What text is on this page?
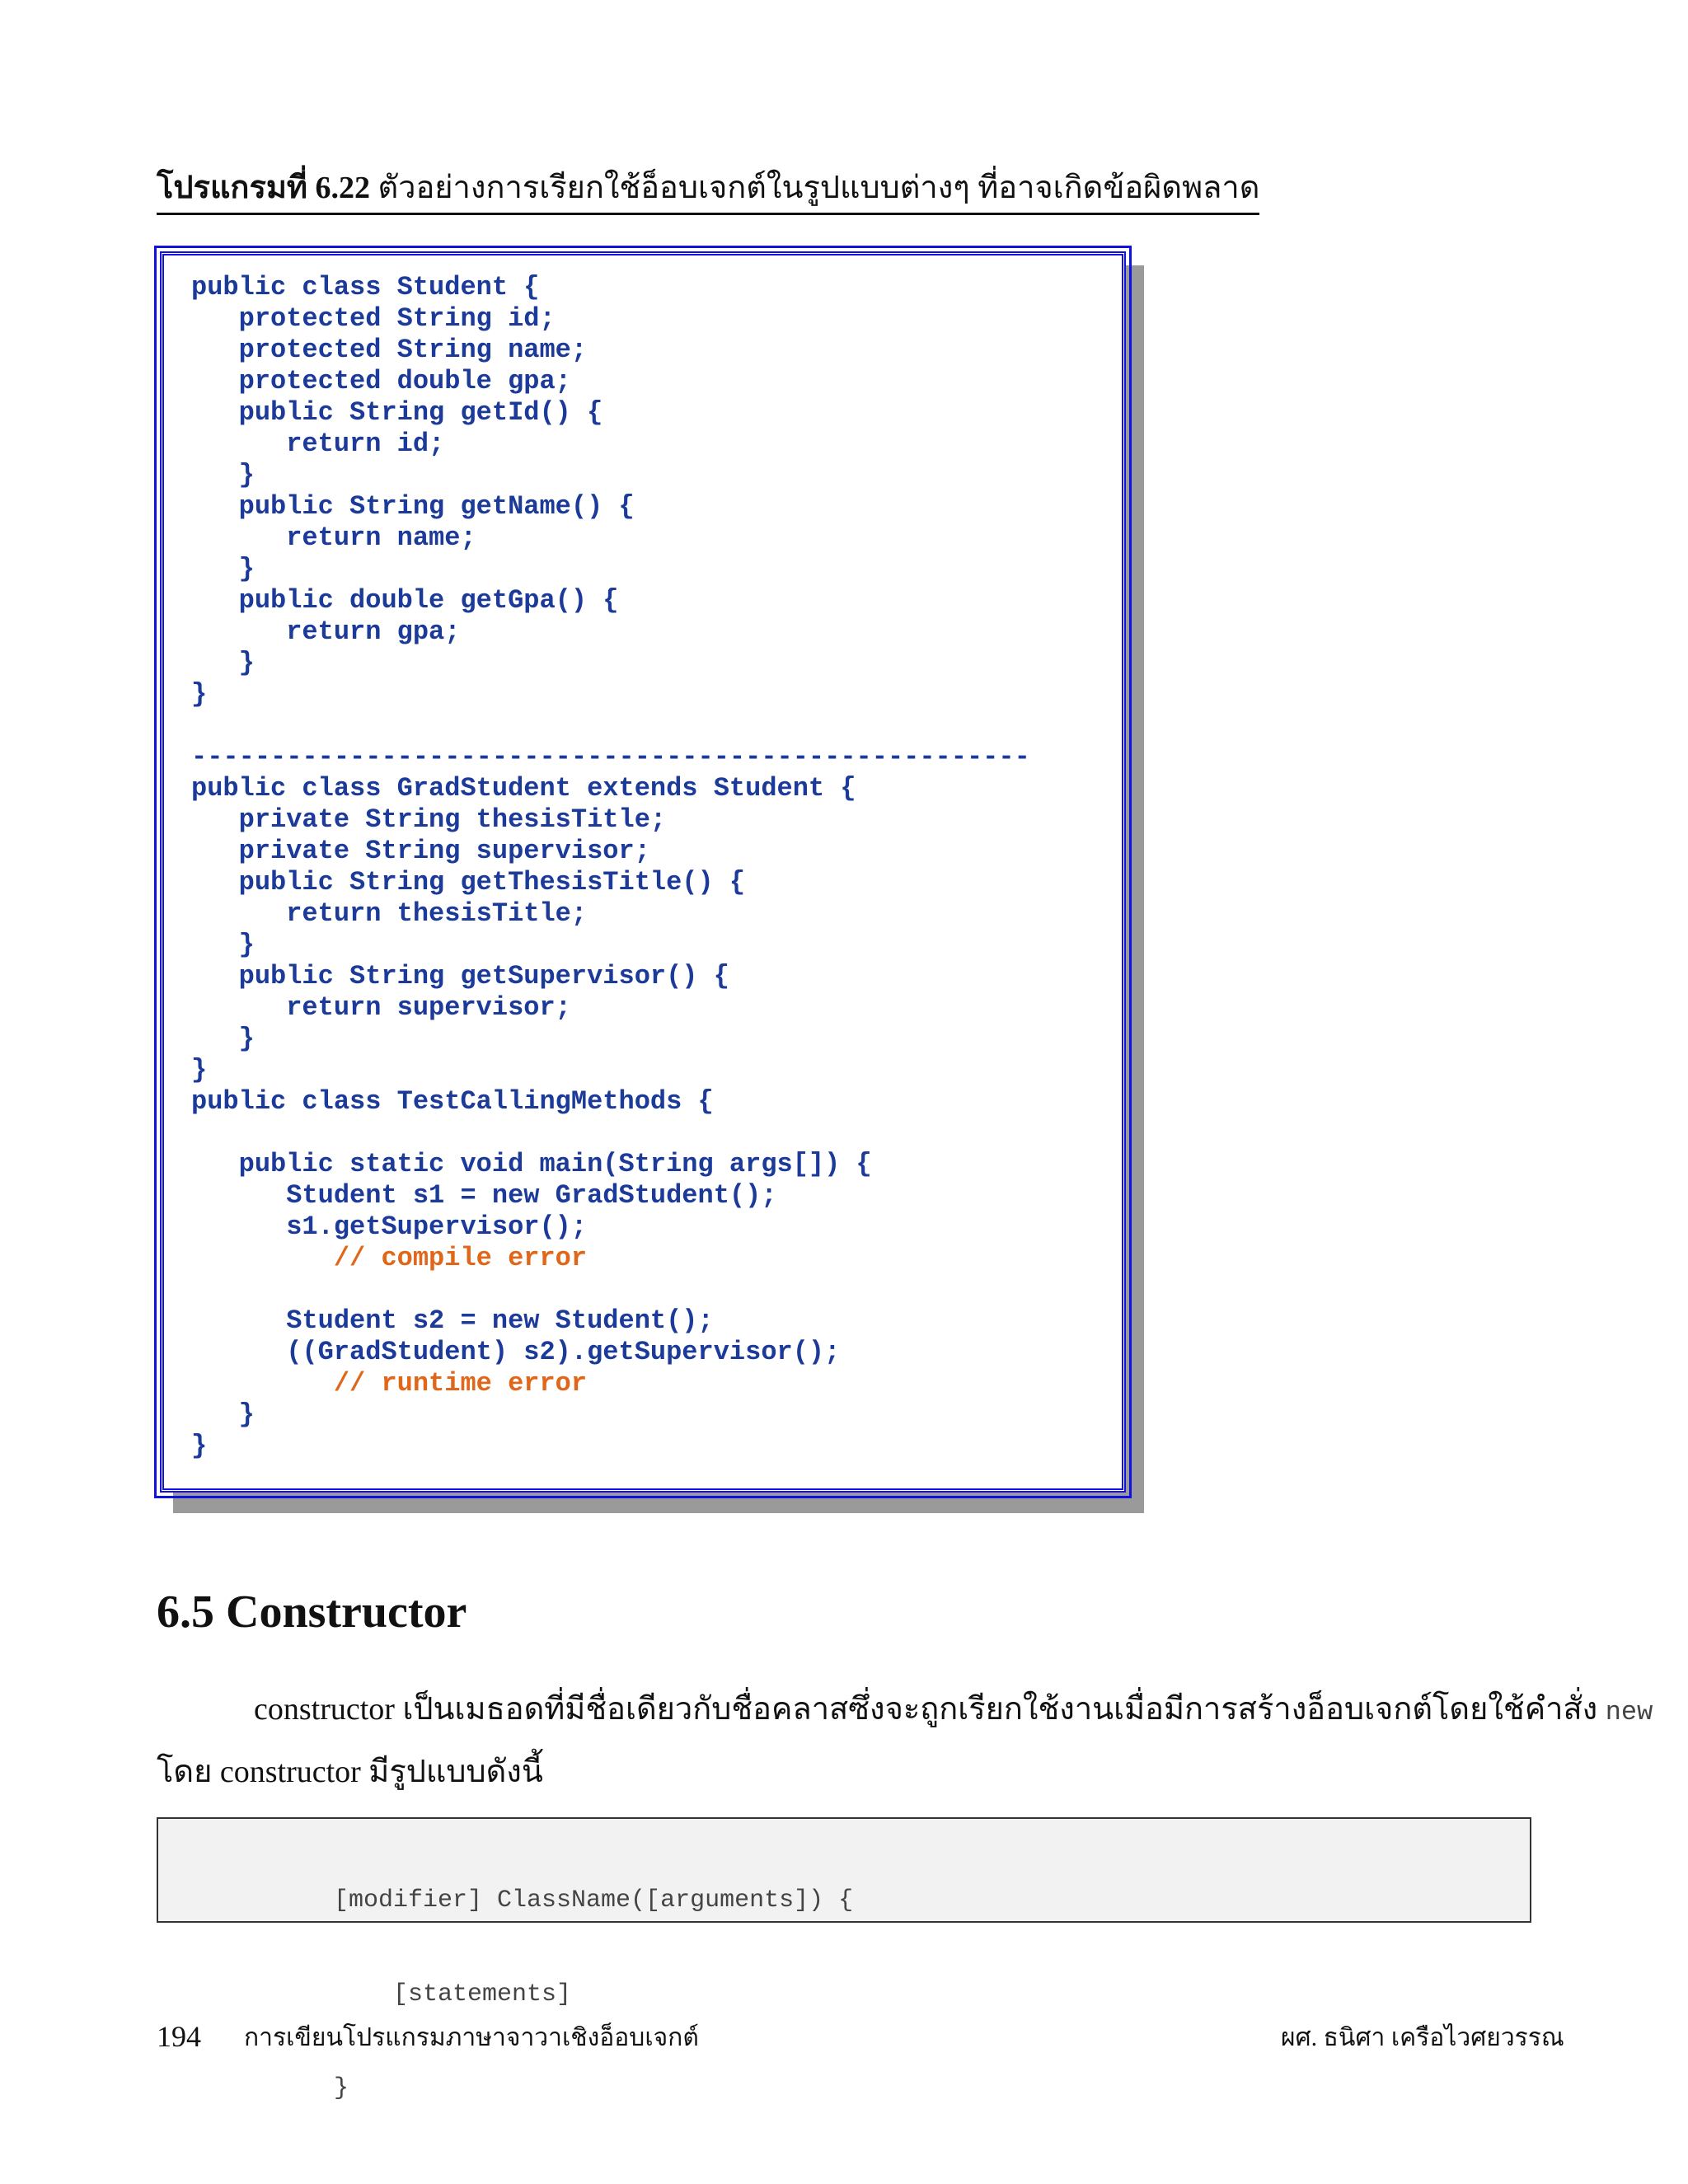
โปรแกรมที่ 6.22 ตัวอย่างการเรียกใช้อ็อบเจกต์ในรูปแบบต่างๆ ที่อาจเกิดข้อผิดพลาด
public class Student {
protected String id;
protected String name;
protected double gpa;
public String getId() {
return id;
}
public String getName() {
return name;
}
public double getGpa() {
return gpa;
}
}
-----------------------------------------------------
public class GradStudent extends Student {
private String thesisTitle;
private String supervisor;
public String getThesisTitle() {
return thesisTitle;
}
public String getSupervisor() {
return supervisor;
}
}
public class TestCallingMethods {
public static void main(String args[]) {
Student s1 = new GradStudent();
s1.getSupervisor();
// compile error
Student s2 = new Student();
((GradStudent) s2).getSupervisor();
// runtime error
}
}
6.5 Constructor
constructor เป็นเมธอดที่มีชื่อเดียวกับชื่อคลาสซึ่งจะถูกเรียกใช้งานเมื่อมีการสร้างอ็อบเจกต์โดยใช้คำสั่ง new
โดย constructor มีรูปแบบดังนี้

[modifier] ClassName([arguments]) {

[statements]

}

194 การเขียนโปรแกรมภาษาจาวาเชิงอ็อบเจกต์	ผศ. ธนิศา เครือไวศยวรรณ
